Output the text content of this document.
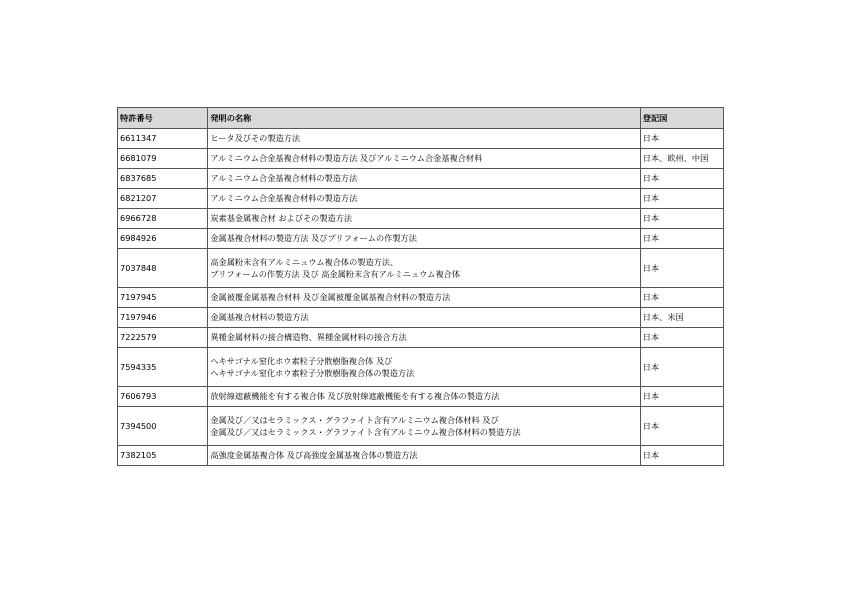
特許番号	発明の名称	登記国
6611347	ヒータ及びその製造方法	日本
6681079	アルミニウム合金基複合材料の製造方法 及びアルミニウム合金基複合材料	日本、欧州、中国
6837685	アルミニウム合金基複合材料の製造方法	日本
6821207	アルミニウム合金基複合材料の製造方法	日本
6966728	炭素基金属複合材 およびその製造方法	日本
6984926	金属基複合材料の製造方法 及びプリフォームの作製方法	日本
7037848	高金属粉末含有アルミニュウム複合体の製造方法、
プリフォームの作製方法 及び 高金属粉末含有アルミニュウム複合体	日本
7197945	金属被覆金属基複合材料 及び金属被覆金属基複合材料の製造方法	日本
7197946	金属基複合材料の製造方法	日本、米国
7222579	異種金属材料の接合構造物、異種金属材料の接合方法	日本
7594335	ヘキサゴナル窒化ホウ素粒子分散樹脂複合体 及び
ヘキサゴナル窒化ホウ素粒子分散樹脂複合体の製造方法	日本
7606793	放射線遮蔽機能を有する複合体 及び放射線遮蔽機能を有する複合体の製造方法	日本
7394500	金属及び／又はセラミックス・グラファイト含有アルミニウム複合体材料 及び
金属及び／又はセラミックス・グラファイト含有アルミニウム複合体材料の製造方法	日本
7382105	高強度金属基複合体 及び高強度金属基複合体の製造方法	日本
